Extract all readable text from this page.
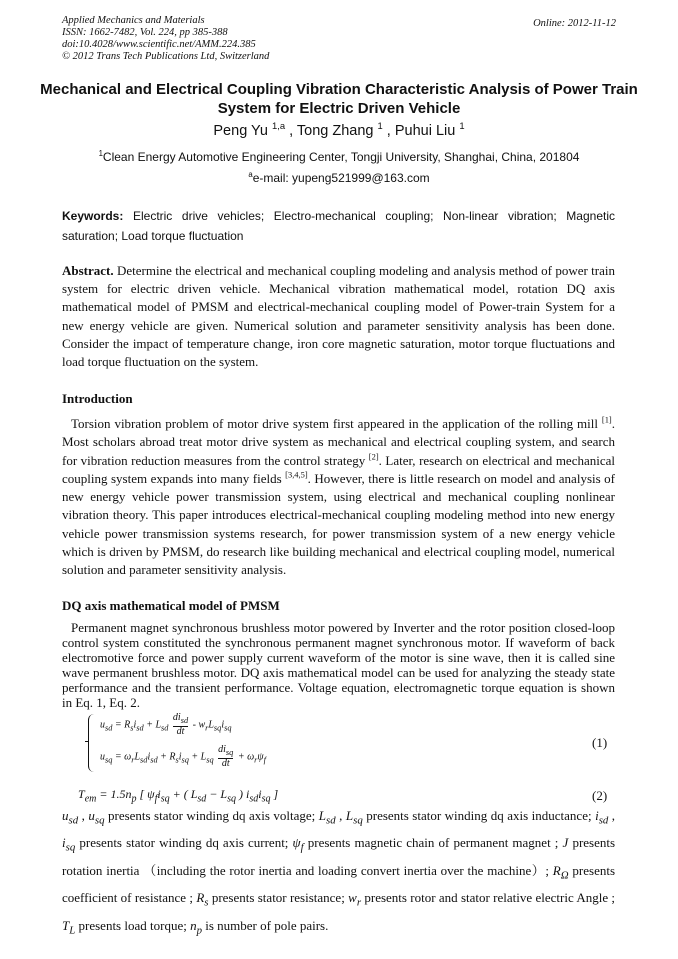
Applied Mechanics and Materials
ISSN: 1662-7482, Vol. 224, pp 385-388
doi:10.4028/www.scientific.net/AMM.224.385
© 2012 Trans Tech Publications Ltd, Switzerland
Online: 2012-11-12
Mechanical and Electrical Coupling Vibration Characteristic Analysis of Power Train System for Electric Driven Vehicle
Peng Yu $^{1,a}$ , Tong Zhang $^1$ , Puhui Liu $^1$
$^1$Clean Energy Automotive Engineering Center, Tongji University, Shanghai, China, 201804
$^a$e-mail: yupeng521999@163.com
Keywords: Electric drive vehicles; Electro-mechanical coupling; Non-linear vibration; Magnetic saturation; Load torque fluctuation
Abstract. Determine the electrical and mechanical coupling modeling and analysis method of power train system for electric driven vehicle. Mechanical vibration mathematical model, rotation DQ axis mathematical model of PMSM and electrical-mechanical coupling model of Power-train System for a new energy vehicle are given. Numerical solution and parameter sensitivity analysis has been done. Consider the impact of temperature change, iron core magnetic saturation, motor torque fluctuations and load torque fluctuation on the system.
Introduction
Torsion vibration problem of motor drive system first appeared in the application of the rolling mill [1]. Most scholars abroad treat motor drive system as mechanical and electrical coupling system, and search for vibration reduction measures from the control strategy [2]. Later, research on electrical and mechanical coupling system expands into many fields [3,4,5]. However, there is little research on model and analysis of new energy vehicle power transmission system, using electrical and mechanical coupling nonlinear vibration theory. This paper introduces electrical-mechanical coupling modeling method into new energy vehicle power transmission systems research, for power transmission system of a new energy vehicle which is driven by PMSM, do research like building mechanical and electrical coupling model, numerical solution and parameter sensitivity analysis.
DQ axis mathematical model of PMSM
Permanent magnet synchronous brushless motor powered by Inverter and the rotor position closed-loop control system constituted the synchronous permanent magnet synchronous motor. If waveform of back electromotive force and power supply current waveform of the motor is sine wave, then it is called sine wave permanent brushless motor. DQ axis mathematical model can be used for analyzing the steady state performance and the transient performance. Voltage equation, electromagnetic torque equation is shown in Eq. 1, Eq. 2.
$u_{sd} = R_si_{sd} + L_{sd} \frac{di_{sd}}{dt} - w_rL_{sq}i_{sq}$
$u_{sq} = \omega_rL_{sd}i_{sd} + R_si_{sq} + L_{sq} \frac{di_{sq}}{dt} + \omega_r\psi_f$
(1)
$T_{em} = 1.5n_p$ [ $\psi_fi_{sq}$ + ( $L_{sd} - L_{sq}$ ) $i_{sd}i_{sq}$ ]	(2)
$u_{sd}$ , $u_{sq}$ presents stator winding dq axis voltage; $L_{sd}$ , $L_{sq}$ presents stator winding dq axis inductance; $i_{sd}$ , $i_{sq}$ presents stator winding dq axis current; $\psi_f$ presents magnetic chain of permanent magnet ; J presents rotation inertia （including the rotor inertia and loading convert inertia over the machine）; $R_\Omega$ presents coefficient of resistance ; $R_s$ presents stator resistance; $w_r$ presents rotor and stator relative electric Angle ; $T_L$ presents load torque; $n_p$ is number of pole pairs.
